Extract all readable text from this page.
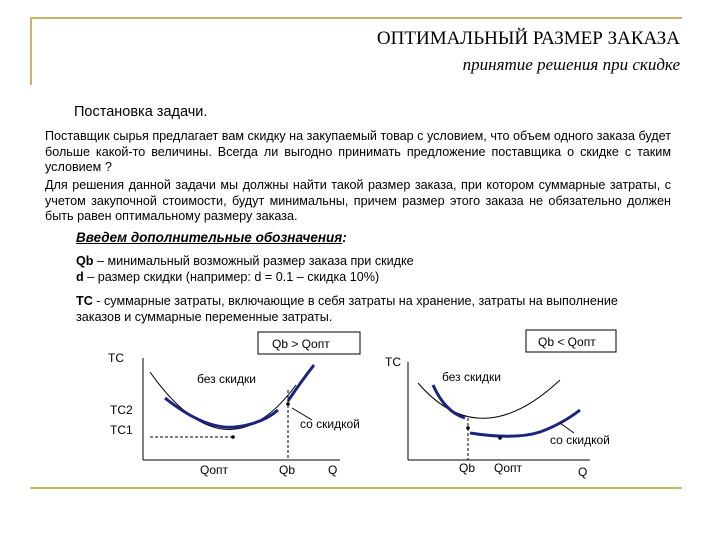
ОПТИМАЛЬНЫЙ РАЗМЕР ЗАКАЗА
принятие решения при скидке
Постановка задачи.
Поставщик сырья предлагает вам скидку на закупаемый товар с условием, что объем одного заказа будет больше какой-то величины. Всегда ли выгодно принимать предложение поставщика о скидке с таким условием ?
Для решения данной задачи мы должны найти такой размер заказа, при котором суммарные затраты, с учетом закупочной стоимости, будут минимальны, причем размер этого заказа не обязательно должен быть равен оптимальному размеру заказа.
Введем дополнительные обозначения:
Qb – минимальный возможный размер заказа при скидке
d – размер скидки (например: d = 0.1 – скидка 10%)
TC - суммарные затраты, включающие в себя затраты на хранение, затраты на выполнение заказов и суммарные переменные затраты.
Qb > Qопт
TC
без скидки
со скидкой
TC2
TC1
Qопт	Qb	Q
Qb < Qопт
TC
без скидки
со скидкой
Qb Qопт	Q
